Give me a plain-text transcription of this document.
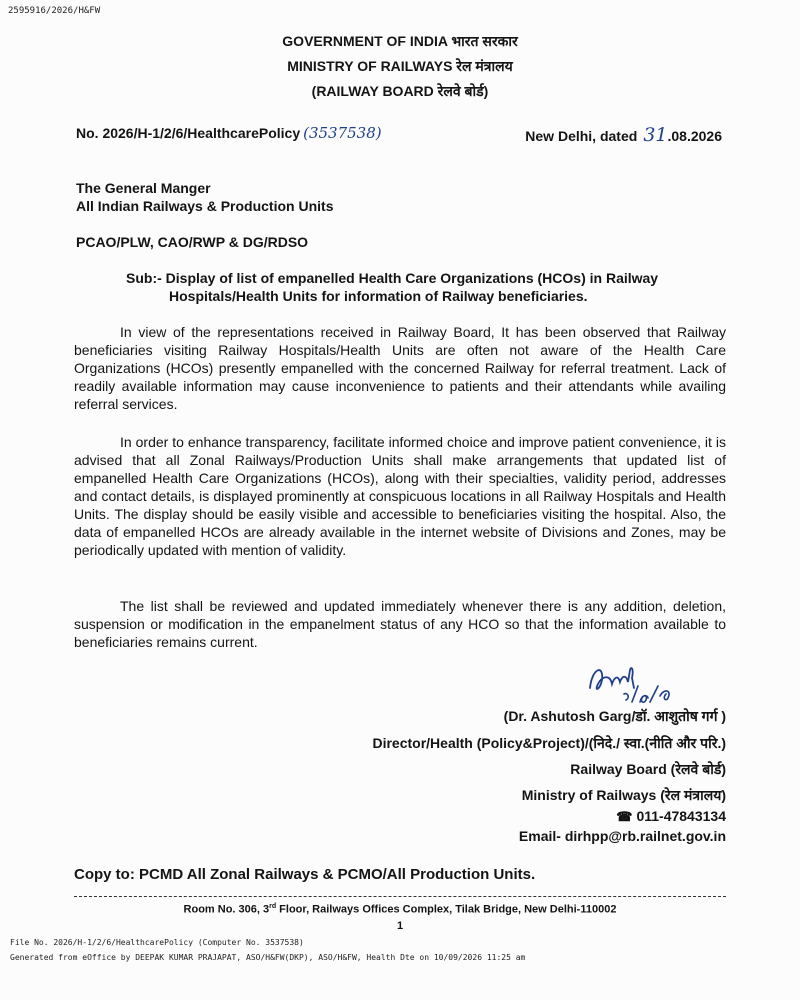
2595916/2026/H&FW
GOVERNMENT OF INDIA भारत सरकार
MINISTRY OF RAILWAYS रेल मंत्रालय
(RAILWAY BOARD रेलवे बोर्ड)
No. 2026/H-1/2/6/HealthcarePolicy (3537538)	New Delhi, dated 31.08.2026
The General Manger
All Indian Railways & Production Units
PCAO/PLW, CAO/RWP & DG/RDSO
Sub:- Display of list of empanelled Health Care Organizations (HCOs) in Railway
Hospitals/Health Units for information of Railway beneficiaries.

In view of the representations received in Railway Board, It has been observed that Railway beneficiaries visiting Railway Hospitals/Health Units are often not aware of the Health Care Organizations (HCOs) presently empanelled with the concerned Railway for referral treatment. Lack of readily available information may cause inconvenience to patients and their attendants while availing referral services.

In order to enhance transparency, facilitate informed choice and improve patient convenience, it is advised that all Zonal Railways/Production Units shall make arrangements that updated list of empanelled Health Care Organizations (HCOs), along with their specialties, validity period, addresses and contact details, is displayed prominently at conspicuous locations in all Railway Hospitals and Health Units. The display should be easily visible and accessible to beneficiaries visiting the hospital. Also, the data of empanelled HCOs are already available in the internet website of Divisions and Zones, may be periodically updated with mention of validity.

The list shall be reviewed and updated immediately whenever there is any addition, deletion, suspension or modification in the empanelment status of any HCO so that the information available to beneficiaries remains current.

(Dr. Ashutosh Garg/डॉ. आशुतोष गर्ग )
Director/Health (Policy&Project)/(निदे./ स्वा.(नीति और परि.)
Railway Board (रेलवे बोर्ड)
Ministry of Railways (रेल मंत्रालय)
☎ 011-47843134
Email- dirhpp@rb.railnet.gov.in
Copy to: PCMD All Zonal Railways & PCMO/All Production Units.
Room No. 306, 3rd Floor, Railways Offices Complex, Tilak Bridge, New Delhi-110002
1
File No. 2026/H-1/2/6/HealthcarePolicy (Computer No. 3537538)
Generated from eOffice by DEEPAK KUMAR PRAJAPAT, ASO/H&FW(DKP), ASO/H&FW, Health Dte on 10/09/2026 11:25 am
